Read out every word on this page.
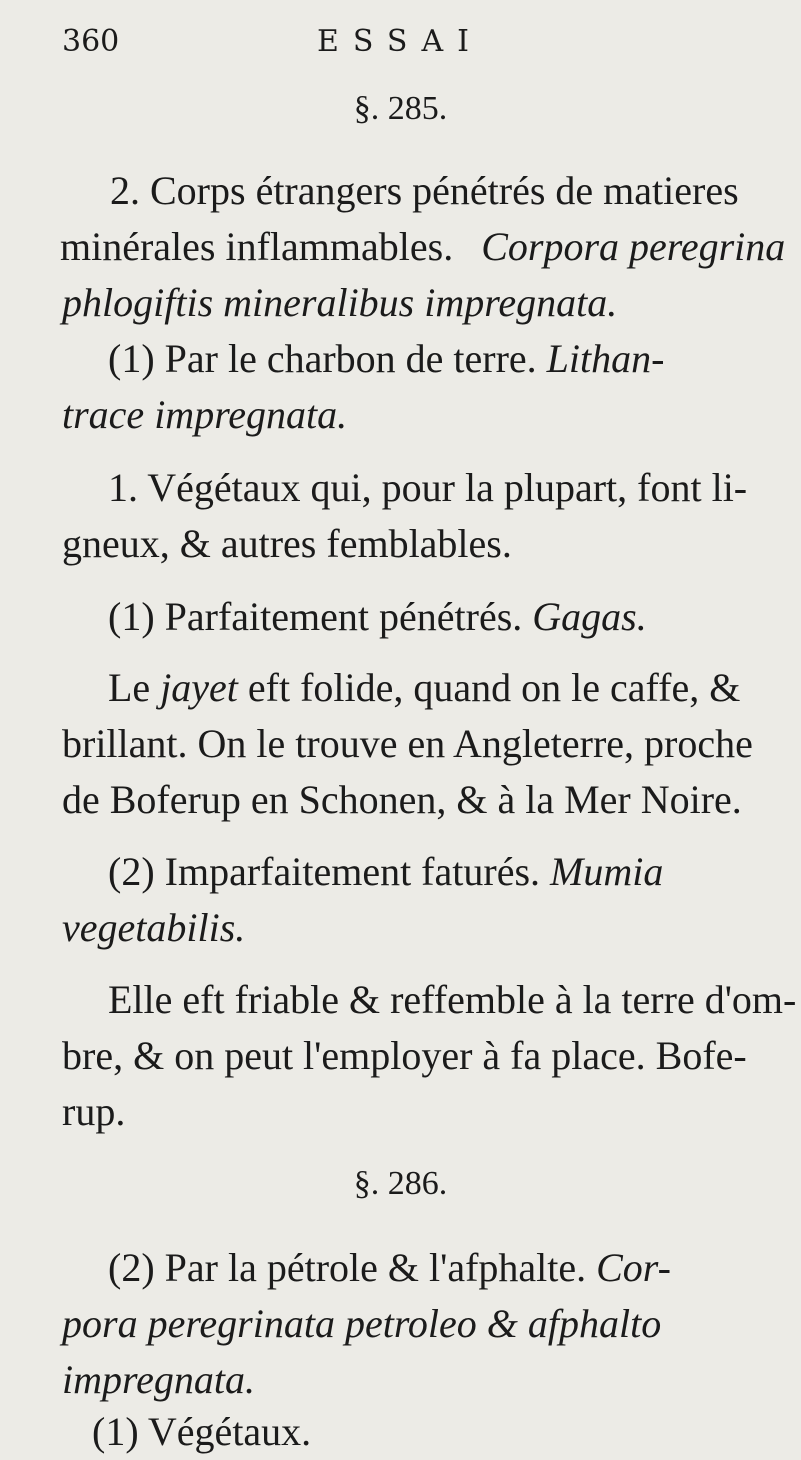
360	ESSAI
§. 285.
2. Corps étrangers pénétrés de matieres
minérales inflammables. Corpora peregrina
phlogiftis mineralibus impregnata.
(1) Par le charbon de terre. Lithan-
trace impregnata.
1. Végétaux qui, pour la plupart, font li-
gneux, & autres femblables.
(1) Parfaitement pénétrés. Gagas.
Le jayet eft folide, quand on le caffe, &
brillant. On le trouve en Angleterre, proche
de Boferup en Schonen, & à la Mer Noire.
(2) Imparfaitement faturés. Mumia
vegetabilis.
Elle eft friable & reffemble à la terre d'om-
bre, & on peut l'employer à fa place. Bofe-
rup.
§. 286.
(2) Par la pétrole & l'afphalte. Cor-
pora peregrinata petroleo & afphalto
impregnata.
(1) Végétaux.
